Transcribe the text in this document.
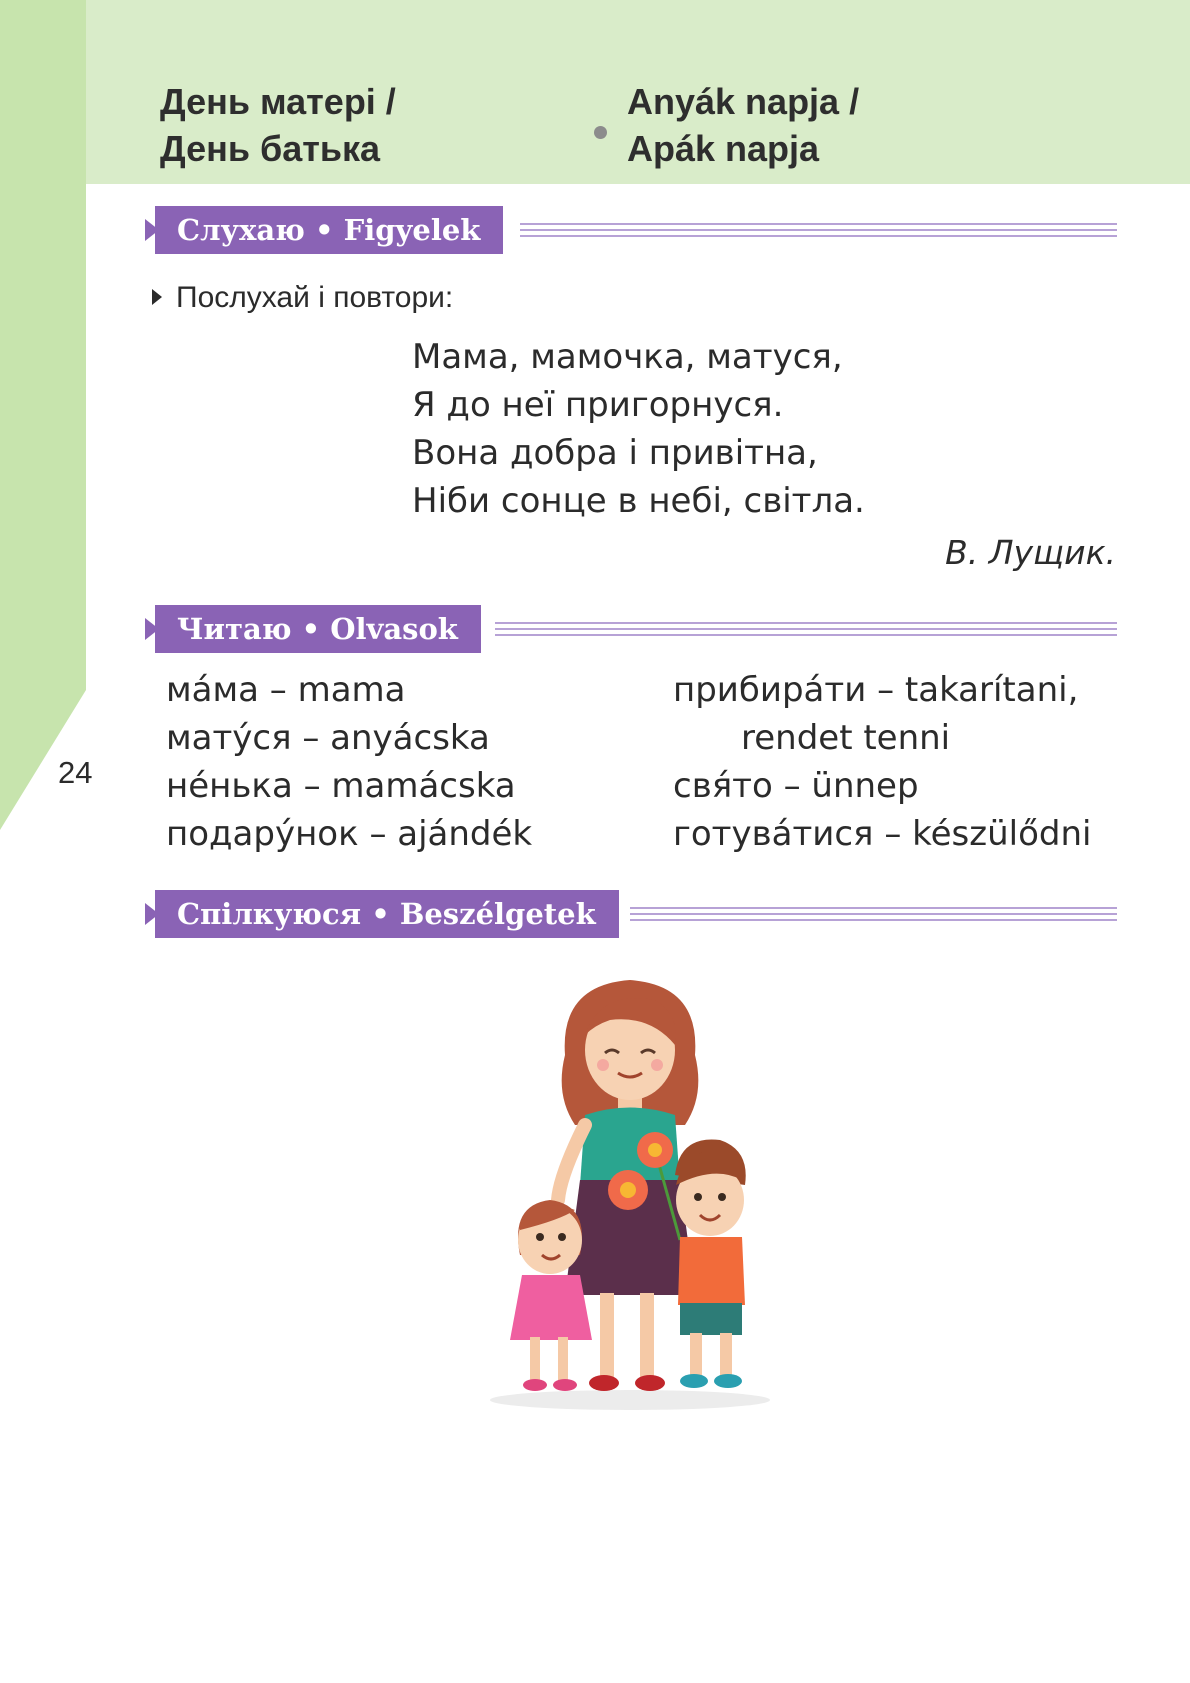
День матері /
День батька
Anyák napja /
Apák napja
24
Слухаю • Figyelek
Послухай і повтори:
Мама, мамочка, матуся,
Я до неї пригорнуся.
Вона добра і привітна,
Ніби сонце в небі, світла.
В. Лущик.
Читаю • Olvasok
ма́ма – mama
мату́ся – anyácska
не́нька – mamácska
подару́нок – ajándék
прибира́ти – takarítani,
rendet tenni
свя́то – ünnep
готува́тися – készülődni
Спілкуюся • Beszélgetek
